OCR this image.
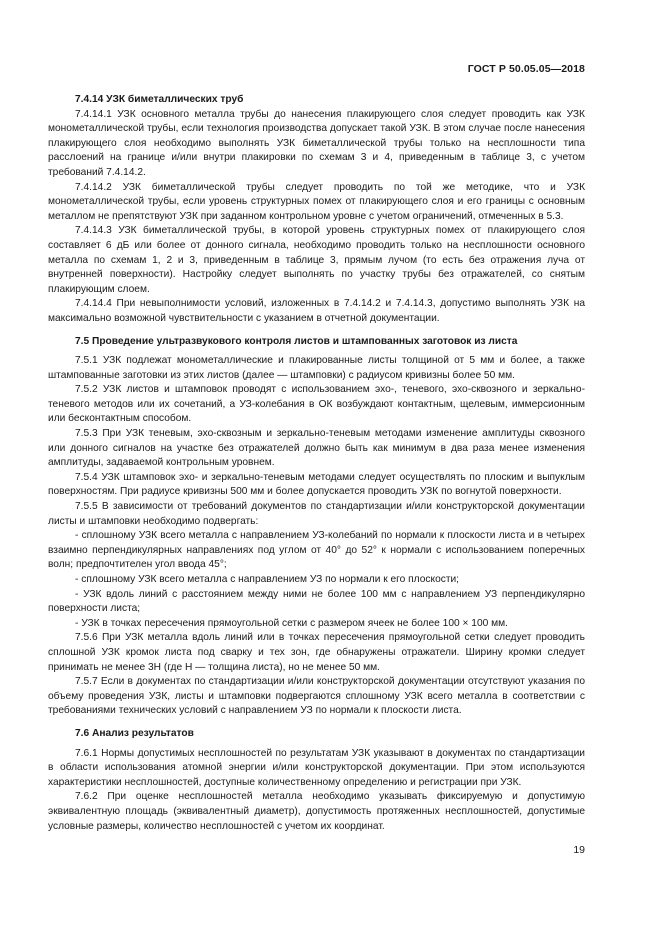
ГОСТ Р 50.05.05—2018

7.4.14 УЗК биметаллических труб

7.4.14.1 УЗК основного металла трубы до нанесения плакирующего слоя следует проводить как УЗК монометаллической трубы, если технология производства допускает такой УЗК. В этом случае после нанесения плакирующего слоя необходимо выполнять УЗК биметаллической трубы только на несплошности типа расслоений на границе и/или внутри плакировки по схемам 3 и 4, приведенным в таблице 3, с учетом требований 7.4.14.2.

7.4.14.2 УЗК биметаллической трубы следует проводить по той же методике, что и УЗК монометаллической трубы, если уровень структурных помех от плакирующего слоя и его границы с основным металлом не препятствуют УЗК при заданном контрольном уровне с учетом ограничений, отмеченных в 5.3.

7.4.14.3 УЗК биметаллической трубы, в которой уровень структурных помех от плакирующего слоя составляет 6 дБ или более от донного сигнала, необходимо проводить только на несплошности основного металла по схемам 1, 2 и 3, приведенным в таблице 3, прямым лучом (то есть без отражения луча от внутренней поверхности). Настройку следует выполнять по участку трубы без отражателей, со снятым плакирующим слоем.

7.4.14.4 При невыполнимости условий, изложенных в 7.4.14.2 и 7.4.14.3, допустимо выполнять УЗК на максимально возможной чувствительности с указанием в отчетной документации.

7.5 Проведение ультразвукового контроля листов и штампованных заготовок из листа

7.5.1 УЗК подлежат монометаллические и плакированные листы толщиной от 5 мм и более, а также штампованные заготовки из этих листов (далее — штамповки) с радиусом кривизны более 50 мм.

7.5.2 УЗК листов и штамповок проводят с использованием эхо-, теневого, эхо-сквозного и зеркально-теневого методов или их сочетаний, а УЗ-колебания в ОК возбуждают контактным, щелевым, иммерсионным или бесконтактным способом.

7.5.3 При УЗК теневым, эхо-сквозным и зеркально-теневым методами изменение амплитуды сквозного или донного сигналов на участке без отражателей должно быть как минимум в два раза менее изменения амплитуды, задаваемой контрольным уровнем.

7.5.4 УЗК штамповок эхо- и зеркально-теневым методами следует осуществлять по плоским и выпуклым поверхностям. При радиусе кривизны 500 мм и более допускается проводить УЗК по вогнутой поверхности.

7.5.5 В зависимости от требований документов по стандартизации и/или конструкторской документации листы и штамповки необходимо подвергать:

- сплошному УЗК всего металла с направлением УЗ-колебаний по нормали к плоскости листа и в четырех взаимно перпендикулярных направлениях под углом от 40° до 52° к нормали с использованием поперечных волн; предпочтителен угол ввода 45°;

- сплошному УЗК всего металла с направлением УЗ по нормали к его плоскости;

- УЗК вдоль линий с расстоянием между ними не более 100 мм с направлением УЗ перпендикулярно поверхности листа;

- УЗК в точках пересечения прямоугольной сетки с размером ячеек не более 100 × 100 мм.

7.5.6 При УЗК металла вдоль линий или в точках пересечения прямоугольной сетки следует проводить сплошной УЗК кромок листа под сварку и тех зон, где обнаружены отражатели. Ширину кромки следует принимать не менее 3H (где H — толщина листа), но не менее 50 мм.

7.5.7 Если в документах по стандартизации и/или конструкторской документации отсутствуют указания по объему проведения УЗК, листы и штамповки подвергаются сплошному УЗК всего металла в соответствии с требованиями технических условий с направлением УЗ по нормали к плоскости листа.

7.6 Анализ результатов

7.6.1 Нормы допустимых несплошностей по результатам УЗК указывают в документах по стандартизации в области использования атомной энергии и/или конструкторской документации. При этом используются характеристики несплошностей, доступные количественному определению и регистрации при УЗК.

7.6.2 При оценке несплошностей металла необходимо указывать фиксируемую и допустимую эквивалентную площадь (эквивалентный диаметр), допустимость протяженных несплошностей, допустимые условные размеры, количество несплошностей с учетом их координат.

19
